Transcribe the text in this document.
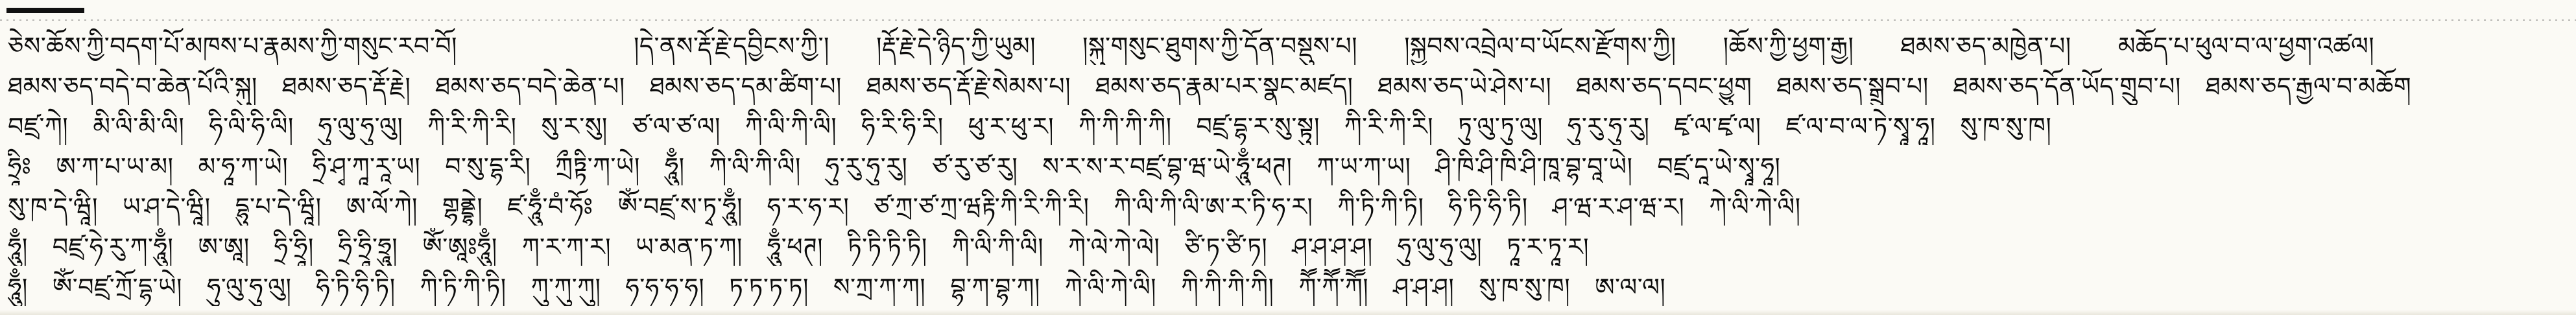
ཅེས་ཆོས་ཀྱི་བདག་པོ་མཁས་པ་རྣམས་ཀྱི་གསུང་རབ་བོ།	།དེ་ནས་རྡོ་རྗེ་དབྱིངས་ཀྱི་། །རྡོ་རྗེ་དེ་ཉིད་ཀྱི་ཡུམ། །སྐུ་གསུང་ཐུགས་ཀྱི་དོན་བསྡུས་པ། །སྐྱབས་འབྲེལ་བ་ཡོངས་རྫོགས་ཀྱི། །ཆོས་ཀྱི་ཕྱག་རྒྱ། ཐམས་ཅད་མཁྱེན་པ། མཆོད་པ་ཕུལ་བ་ལ་ཕྱག་འཚལ།
ཐམས་ཅད་བདེ་བ་ཆེན་པོའི་སྐུ། ཐམས་ཅད་རྡོ་རྗེ། ཐམས་ཅད་བདེ་ཆེན་པ། ཐམས་ཅད་དམ་ཚིག་པ། ཐམས་ཅད་རྡོ་རྗེ་སེམས་པ། ཐམས་ཅད་རྣམ་པར་སྣང་མཛད། ཐམས་ཅད་ཡེ་ཤེས་པ། ཐམས་ཅད་དབང་ཕྱུག ཐམས་ཅད་སྒྲུབ་པ། ཐམས་ཅད་དོན་ཡོད་གྲུབ་པ། ཐམས་ཅད་རྒྱལ་བ་མཆོག
བཛྲ་ཀེ། མི་ལི་མི་ལི། ཧི་ལི་ཧི་ལི། ཧུ་ལུ་ཧུ་ལུ། ཀི་རི་ཀི་རི། སུ་ར་སུ། ཙ་ལ་ཙ་ལ། ཀི་ལི་ཀི་ལི། ཧི་རི་ཧི་རི། ཕུ་ར་ཕུ་ར། ཀི་ཀི་ཀི་ཀི། བཛྲ་དྷ་ར་སུ་སྟུ། ཀི་རི་ཀི་རི། ཏུ་ལུ་ཏུ་ལུ། ཧུ་རུ་ཧུ་རུ། ཛྭ་ལ་ཛྭ་ལ། ཛ་ལ་བ་ལ་ཏེ་སྭཱ་ཧཱ། སུ་ཁ་སུ་ཁ།
ཧྲཱིཿ ཨ་ཀ་པ་ཡ་མ། མ་ཧཱ་ཀ་ཡེ། ཧྲི་ཤྭ་ཀཱ་རཱ་ཡ། བ་སུ་དྷ་རི། ཀྲྀཏྟི་ཀ་ཡེ། ཧཱུྃ། ཀི་ལི་ཀི་ལི། ཧུ་རུ་ཧུ་རུ། ཙ་རུ་ཙ་རུ། ས་ར་ས་ར་བཛྲ་བྷ་ཝ་ཡེ་ཧཱུྃ་ཕཊ། ཀ་ཡ་ཀ་ཡ། ཤི་ཁི་ཤི་ཁི་ཤི་ཁཱ་བྷ་བཱ་ཡེ། བཛྲ་དཱ་ཡེ་སྭཱ་ཧཱ།
སུ་ཁ་དེ་ཝཱི། ཡ་ཤ་དེ་ཝཱི། དྷུ་པ་དེ་ཝཱི། ཨ་ལོ་ཀེ། གྷནྡྷེ། ཛ་ཧཱུྃ་བཾ་ཧོཿ ཨོཾ་བཛྲ་ས་ཏྭ་ཧཱུྃ། ཧ་ར་ཧ་ར། ཙ་ཀྲ་ཙ་ཀྲ་ཝརྟི་ཀི་རི་ཀི་རི། ཀི་ལི་ཀི་ལི་ཨ་ར་ཏི་ཧ་ར། ཀི་ཏི་ཀི་ཏི། ཧི་ཏི་ཧི་ཏི། ཤ་ཝ་ར་ཤ་ཝ་ར། ཀེ་ལི་ཀེ་ལི།
ཧཱུྃ། བཛྲ་ཧེ་རུ་ཀ་ཧཱུྃ། ཨ་ཨཱ། ཧྲི་ཧྲཱི། ཧྲི་ཧྲཱི་ཧྲཱུ། ཨོཾ་ཨཱཿཧཱུྃ། ཀ་ར་ཀ་ར། ཡ་མན་ཏ་ཀ། ཧཱུྃ་ཕཊ། ཏི་ཏི་ཏི་ཏི། ཀི་ལི་ཀི་ལི། ཀེ་ལེ་ཀེ་ལེ། ཙི་ཏ་ཙི་ཏ། ཤ་ཤ་ཤ་ཤ། ཧུ་ལུ་ཧུ་ལུ། ཏཱ་ར་ཏཱ་ར།
ཧཱུྃ། ཨོཾ་བཛྲ་ཀྲོ་དྷ་ཡེ། ཧུ་ལུ་ཧུ་ལུ། ཧི་ཏི་ཧི་ཏི། ཀི་ཏི་ཀི་ཏི། ཀུ་ཀུ་ཀུ། ཧ་ཧ་ཧ་ཧ། ཏ་ཏ་ཏ་ཏ། ས་ཀྲ་ཀ་ཀ། བྷ་ཀ་བྷ་ཀ། ཀེ་ལི་ཀེ་ལི། ཀི་ཀི་ཀི་ཀི། ཀཽ་ཀཽ་ཀཽ། ཤ་ཤ་ཤ། སུ་ཁ་སུ་ཁ། ཨ་ལ་ལ།
